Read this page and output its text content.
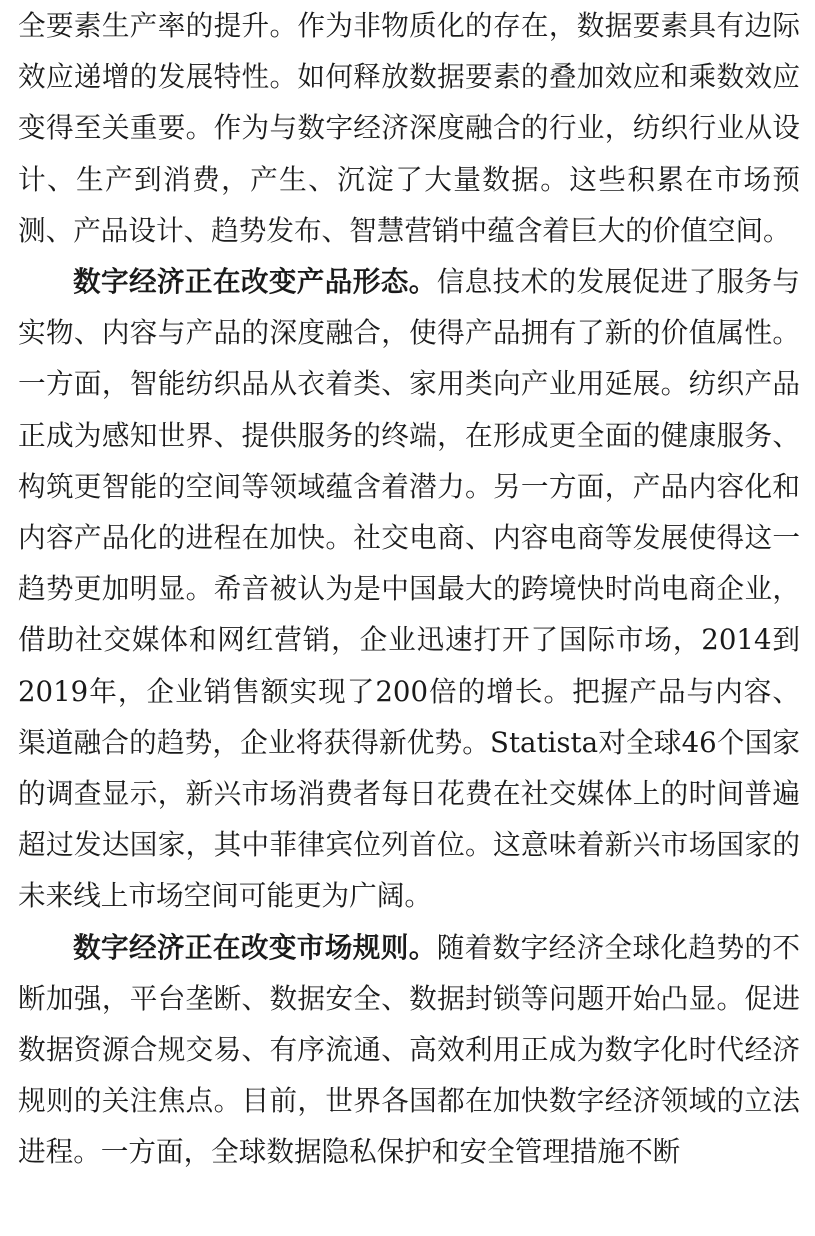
全要素生产率的提升。作为非物质化的存在，数据要素具有边际效应递增的发展特性。如何释放数据要素的叠加效应和乘数效应变得至关重要。作为与数字经济深度融合的行业，纺织行业从设计、生产到消费，产生、沉淀了大量数据。这些积累在市场预测、产品设计、趋势发布、智慧营销中蕴含着巨大的价值空间。

数字经济正在改变产品形态。信息技术的发展促进了服务与实物、内容与产品的深度融合，使得产品拥有了新的价值属性。一方面，智能纺织品从衣着类、家用类向产业用延展。纺织产品正成为感知世界、提供服务的终端，在形成更全面的健康服务、构筑更智能的空间等领域蕴含着潜力。另一方面，产品内容化和内容产品化的进程在加快。社交电商、内容电商等发展使得这一趋势更加明显。希音被认为是中国最大的跨境快时尚电商企业，借助社交媒体和网红营销，企业迅速打开了国际市场，2014到2019年，企业销售额实现了200倍的增长。把握产品与内容、渠道融合的趋势，企业将获得新优势。Statista对全球46个国家的调查显示，新兴市场消费者每日花费在社交媒体上的时间普遍超过发达国家，其中菲律宾位列首位。这意味着新兴市场国家的未来线上市场空间可能更为广阔。

数字经济正在改变市场规则。随着数字经济全球化趋势的不断加强，平台垄断、数据安全、数据封锁等问题开始凸显。促进数据资源合规交易、有序流通、高效利用正成为数字化时代经济规则的关注焦点。目前，世界各国都在加快数字经济领域的立法进程。一方面，全球数据隐私保护和安全管理措施不断
